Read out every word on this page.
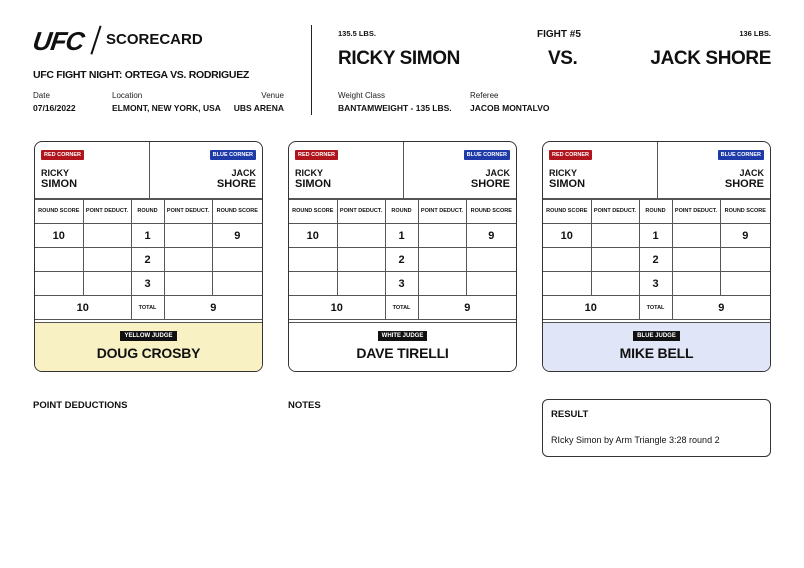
UFC SCORECARD
UFC FIGHT NIGHT: ORTEGA VS. RODRIGUEZ
Date
07/16/2022
Location
ELMONT, NEW YORK, USA
Venue
UBS ARENA
135.5 LBS.
RICKY SIMON
FIGHT #5
VS.
136 LBS.
JACK SHORE
Weight Class
BANTAMWEIGHT - 135 LBS.
Referee
JACOB MONTALVO
RED CORNER	BLUE CORNER
RICKY
SIMON
JACK
SHORE
ROUND SCORE	POINT DEDUCT.	ROUND	POINT DEDUCT.	ROUND SCORE
10		1		9
		2		
		3		
10		TOTAL	9	
YELLOW JUDGE
DOUG CROSBY
RED CORNER	BLUE CORNER
RICKY
SIMON
JACK
SHORE
ROUND SCORE	POINT DEDUCT.	ROUND	POINT DEDUCT.	ROUND SCORE
10		1		9
		2		
		3		
10		TOTAL	9	
WHITE JUDGE
DAVE TIRELLI
RED CORNER	BLUE CORNER
RICKY
SIMON
JACK
SHORE
ROUND SCORE	POINT DEDUCT.	ROUND	POINT DEDUCT.	ROUND SCORE
10		1		9
		2		
		3		
10		TOTAL	9	
BLUE JUDGE
MIKE BELL
POINT DEDUCTIONS	NOTES
RESULT
RIcky Simon by Arm Triangle 3:28 round 2
